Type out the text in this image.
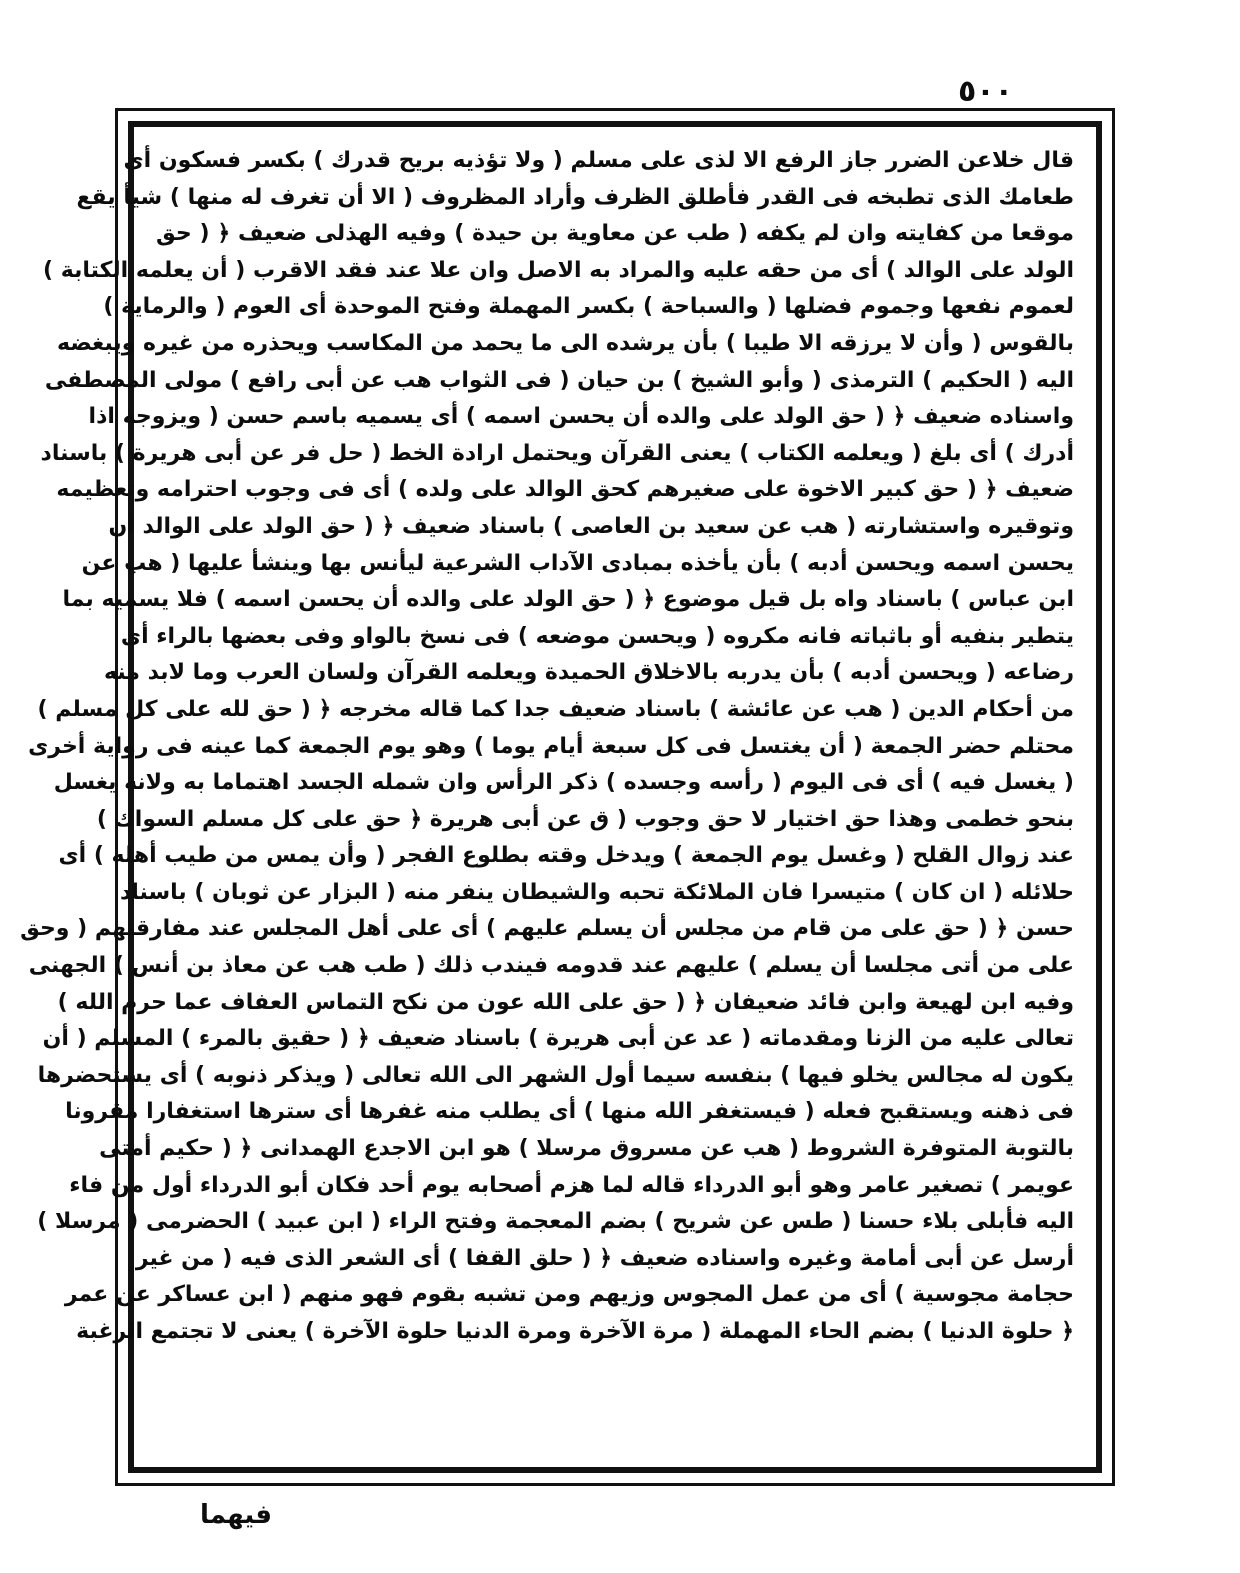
٥٠٠
قال خلاعن الضرر جاز الرفع الا لذى على مسلم ( ولا تؤذيه بريح قدرك ) بكسر فسكون أى
طعامك الذى تطبخه فى القدر فأطلق الظرف وأراد المظروف ( الا أن تغرف له منها ) شيأ يقع
موقعا من كفايته وان لم يكفه ( طب عن معاوية بن حيدة ) وفيه الهذلى ضعيف ﴿ ( حق
الولد على الوالد ) أى من حقه عليه والمراد به الاصل وان علا عند فقد الاقرب ( أن يعلمه الكتابة )
لعموم نفعها وجموم فضلها ( والسباحة ) بكسر المهملة وفتح الموحدة أى العوم ( والرماية )
بالقوس ( وأن لا يرزقه الا طيبا ) بأن يرشده الى ما يحمد من المكاسب ويحذره من غيره ويبغضه
اليه ( الحكيم ) الترمذى ( وأبو الشيخ ) بن حيان ( فى الثواب هب عن أبى رافع ) مولى المصطفى
واسناده ضعيف ﴿ ( حق الولد على والده أن يحسن اسمه ) أى يسميه باسم حسن ( ويزوجه اذا
أدرك ) أى بلغ ( ويعلمه الكتاب ) يعنى القرآن ويحتمل ارادة الخط ( حل فر عن أبى هريرة ) باسناد
ضعيف ﴿ ( حق كبير الاخوة على صغيرهم كحق الوالد على ولده ) أى فى وجوب احترامه وتعظيمه
وتوقيره واستشارته ( هب عن سعيد بن العاصى ) باسناد ضعيف ﴿ ( حق الولد على الوالد أن
يحسن اسمه ويحسن أدبه ) بأن يأخذه بمبادى الآداب الشرعية ليأنس بها وينشأ عليها ( هب عن
ابن عباس ) باسناد واه بل قيل موضوع ﴿ ( حق الولد على والده أن يحسن اسمه ) فلا يسميه بما
يتطير بنفيه أو باثباته فانه مكروه ( ويحسن موضعه ) فى نسخ بالواو وفى بعضها بالراء أى
رضاعه ( ويحسن أدبه ) بأن يدربه بالاخلاق الحميدة ويعلمه القرآن ولسان العرب وما لابد منه
من أحكام الدين ( هب عن عائشة ) باسناد ضعيف جدا كما قاله مخرجه ﴿ ( حق لله على كل مسلم )
محتلم حضر الجمعة ( أن يغتسل فى كل سبعة أيام يوما ) وهو يوم الجمعة كما عينه فى رواية أخرى
( يغسل فيه ) أى فى اليوم ( رأسه وجسده ) ذكر الرأس وان شمله الجسد اهتماما به ولانه يغسل
بنحو خطمى وهذا حق اختيار لا حق وجوب ( ق عن أبى هريرة ﴿ حق على كل مسلم السواك )
عند زوال القلح ( وغسل يوم الجمعة ) ويدخل وقته بطلوع الفجر ( وأن يمس من طيب أهله ) أى
حلائله ( ان كان ) متيسرا فان الملائكة تحبه والشيطان ينفر منه ( البزار عن ثوبان ) باسناد
حسن ﴿ ( حق على من قام من مجلس أن يسلم عليهم ) أى على أهل المجلس عند مفارقتهم ( وحق
على من أتى مجلسا أن يسلم ) عليهم عند قدومه فيندب ذلك ( طب هب عن معاذ بن أنس ) الجهنى
وفيه ابن لهيعة وابن فائد ضعيفان ﴿ ( حق على الله عون من نكح التماس العفاف عما حرم الله )
تعالى عليه من الزنا ومقدماته ( عد عن أبى هريرة ) باسناد ضعيف ﴿ ( حقيق بالمرء ) المسلم ( أن
يكون له مجالس يخلو فيها ) بنفسه سيما أول الشهر الى الله تعالى ( ويذكر ذنوبه ) أى يستحضرها
فى ذهنه ويستقبح فعله ( فيستغفر الله منها ) أى يطلب منه غفرها أى سترها استغفارا مقرونا
بالتوبة المتوفرة الشروط ( هب عن مسروق مرسلا ) هو ابن الاجدع الهمدانى ﴿ ( حكيم أمتى
عويمر ) تصغير عامر وهو أبو الدرداء قاله لما هزم أصحابه يوم أحد فكان أبو الدرداء أول من فاء
اليه فأبلى بلاء حسنا ( طس عن شريح ) بضم المعجمة وفتح الراء ( ابن عبيد ) الحضرمى ( مرسلا )
أرسل عن أبى أمامة وغيره واسناده ضعيف ﴿ ( حلق القفا ) أى الشعر الذى فيه ( من غير
حجامة مجوسية ) أى من عمل المجوس وزيهم ومن تشبه بقوم فهو منهم ( ابن عساكر عن عمر
﴿ حلوة الدنيا ) بضم الحاء المهملة ( مرة الآخرة ومرة الدنيا حلوة الآخرة ) يعنى لا تجتمع الرغبة
فيهما
